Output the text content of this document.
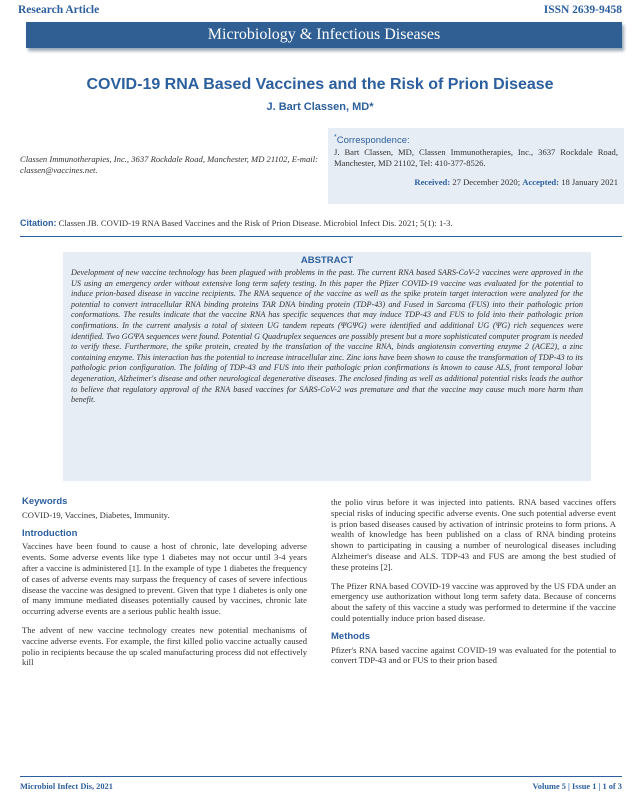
Research Article	ISSN 2639-9458
Microbiology & Infectious Diseases
COVID-19 RNA Based Vaccines and the Risk of Prion Disease
J. Bart Classen, MD*
Classen Immunotherapies, Inc., 3637 Rockdale Road, Manchester, MD 21102, E-mail: classen@vaccines.net.
*Correspondence:
J. Bart Classen, MD, Classen Immunotherapies, Inc., 3637 Rockdale Road, Manchester, MD 21102, Tel: 410-377-8526.
Received: 27 December 2020; Accepted: 18 January 2021
Citation: Classen JB. COVID-19 RNA Based Vaccines and the Risk of Prion Disease. Microbiol Infect Dis. 2021; 5(1): 1-3.
ABSTRACT
Development of new vaccine technology has been plagued with problems in the past. The current RNA based SARS-CoV-2 vaccines were approved in the US using an emergency order without extensive long term safety testing. In this paper the Pfizer COVID-19 vaccine was evaluated for the potential to induce prion-based disease in vaccine recipients. The RNA sequence of the vaccine as well as the spike protein target interaction were analyzed for the potential to convert intracellular RNA binding proteins TAR DNA binding protein (TDP-43) and Fused in Sarcoma (FUS) into their pathologic prion conformations. The results indicate that the vaccine RNA has specific sequences that may induce TDP-43 and FUS to fold into their pathologic prion confirmations. In the current analysis a total of sixteen UG tandem repeats (ΨGΨG) were identified and additional UG (ΨG) rich sequences were identified. Two GGΨA sequences were found. Potential G Quadruplex sequences are possibly present but a more sophisticated computer program is needed to verify these. Furthermore, the spike protein, created by the translation of the vaccine RNA, binds angiotensin converting enzyme 2 (ACE2), a zinc containing enzyme. This interaction has the potential to increase intracellular zinc. Zinc ions have been shown to cause the transformation of TDP-43 to its pathologic prion configuration. The folding of TDP-43 and FUS into their pathologic prion confirmations is known to cause ALS, front temporal lobar degeneration, Alzheimer's disease and other neurological degenerative diseases. The enclosed finding as well as additional potential risks leads the author to believe that regulatory approval of the RNA based vaccines for SARS-CoV-2 was premature and that the vaccine may cause much more harm than benefit.
Keywords
COVID-19, Vaccines, Diabetes, Immunity.
Introduction
Vaccines have been found to cause a host of chronic, late developing adverse events. Some adverse events like type 1 diabetes may not occur until 3-4 years after a vaccine is administered [1]. In the example of type 1 diabetes the frequency of cases of adverse events may surpass the frequency of cases of severe infectious disease the vaccine was designed to prevent. Given that type 1 diabetes is only one of many immune mediated diseases potentially caused by vaccines, chronic late occurring adverse events are a serious public health issue.
The advent of new vaccine technology creates new potential mechanisms of vaccine adverse events. For example, the first killed polio vaccine actually caused polio in recipients because the up scaled manufacturing process did not effectively kill
the polio virus before it was injected into patients. RNA based vaccines offers special risks of inducing specific adverse events. One such potential adverse event is prion based diseases caused by activation of intrinsic proteins to form prions. A wealth of knowledge has been published on a class of RNA binding proteins shown to participating in causing a number of neurological diseases including Alzheimer's disease and ALS. TDP-43 and FUS are among the best studied of these proteins [2].
The Pfizer RNA based COVID-19 vaccine was approved by the US FDA under an emergency use authorization without long term safety data. Because of concerns about the safety of this vaccine a study was performed to determine if the vaccine could potentially induce prion based disease.
Methods
Pfizer's RNA based vaccine against COVID-19 was evaluated for the potential to convert TDP-43 and or FUS to their prion based
Microbiol Infect Dis, 2021	Volume 5 | Issue 1 | 1 of 3
